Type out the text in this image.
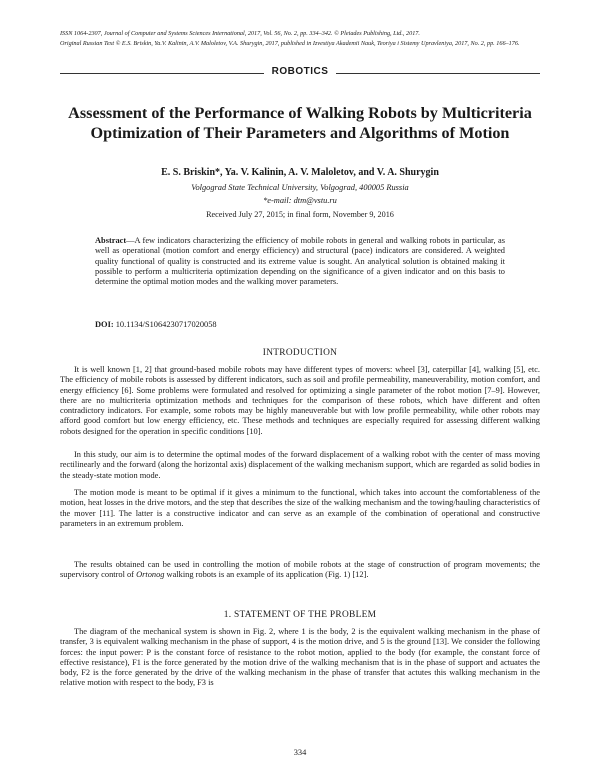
ISSN 1064-2307, Journal of Computer and Systems Sciences International, 2017, Vol. 56, No. 2, pp. 334–342. © Pleiades Publishing, Ltd., 2017.
Original Russian Text © E.S. Briskin, Ya.V. Kalinin, A.V. Maloletov, V.A. Shurygin, 2017, published in Izvestiya Akademii Nauk, Teoriya i Sistemy Upravleniya, 2017, No. 2, pp. 166–176.
ROBOTICS
Assessment of the Performance of Walking Robots by Multicriteria Optimization of Their Parameters and Algorithms of Motion
E. S. Briskin*, Ya. V. Kalinin, A. V. Maloletov, and V. A. Shurygin
Volgograd State Technical University, Volgograd, 400005 Russia
*e-mail: dtm@vstu.ru
Received July 27, 2015; in final form, November 9, 2016
Abstract—A few indicators characterizing the efficiency of mobile robots in general and walking robots in particular, as well as operational (motion comfort and energy efficiency) and structural (pace) indicators are considered. A weighted quality functional of quality is constructed and its extreme value is sought. An analytical solution is obtained making it possible to perform a multicriteria optimization depending on the significance of a given indicator and on this basis to determine the optimal motion modes and the walking mover parameters.
DOI: 10.1134/S1064230717020058
INTRODUCTION
It is well known [1, 2] that ground-based mobile robots may have different types of movers: wheel [3], caterpillar [4], walking [5], etc. The efficiency of mobile robots is assessed by different indicators, such as soil and profile permeability, maneuverability, motion comfort, and energy efficiency [6]. Some problems were formulated and resolved for optimizing a single parameter of the robot motion [7–9]. However, there are no multicriteria optimization methods and techniques for the comparison of these robots, which have different and often contradictory indicators. For example, some robots may be highly maneuverable but with low profile permeability, while other robots may afford good comfort but low energy efficiency, etc. These methods and techniques are especially required for assessing different walking robots designed for the operation in specific conditions [10].
In this study, our aim is to determine the optimal modes of the forward displacement of a walking robot with the center of mass moving rectilinearly and the forward (along the horizontal axis) displacement of the walking mechanism support, which are regarded as solid bodies in the steady-state motion mode.
The motion mode is meant to be optimal if it gives a minimum to the functional, which takes into account the comfortableness of the motion, heat losses in the drive motors, and the step that describes the size of the walking mechanism and the towing/hauling characteristics of the mover [11]. The latter is a constructive indicator and can serve as an example of the combination of operational and constructive parameters in an extremum problem.
The results obtained can be used in controlling the motion of mobile robots at the stage of construction of program movements; the supervisory control of Ortonog walking robots is an example of its application (Fig. 1) [12].
1. STATEMENT OF THE PROBLEM
The diagram of the mechanical system is shown in Fig. 2, where 1 is the body, 2 is the equivalent walking mechanism in the phase of transfer, 3 is equivalent walking mechanism in the phase of support, 4 is the motion drive, and 5 is the ground [13]. We consider the following forces: the input power: P is the constant force of resistance to the robot motion, applied to the body (for example, the constant force of effective resistance), F1 is the force generated by the motion drive of the walking mechanism that is in the phase of support and actuates the body, F2 is the force generated by the drive of the walking mechanism in the phase of transfer that actutes this walking mechanism in the relative motion with respect to the body, F3 is
334
